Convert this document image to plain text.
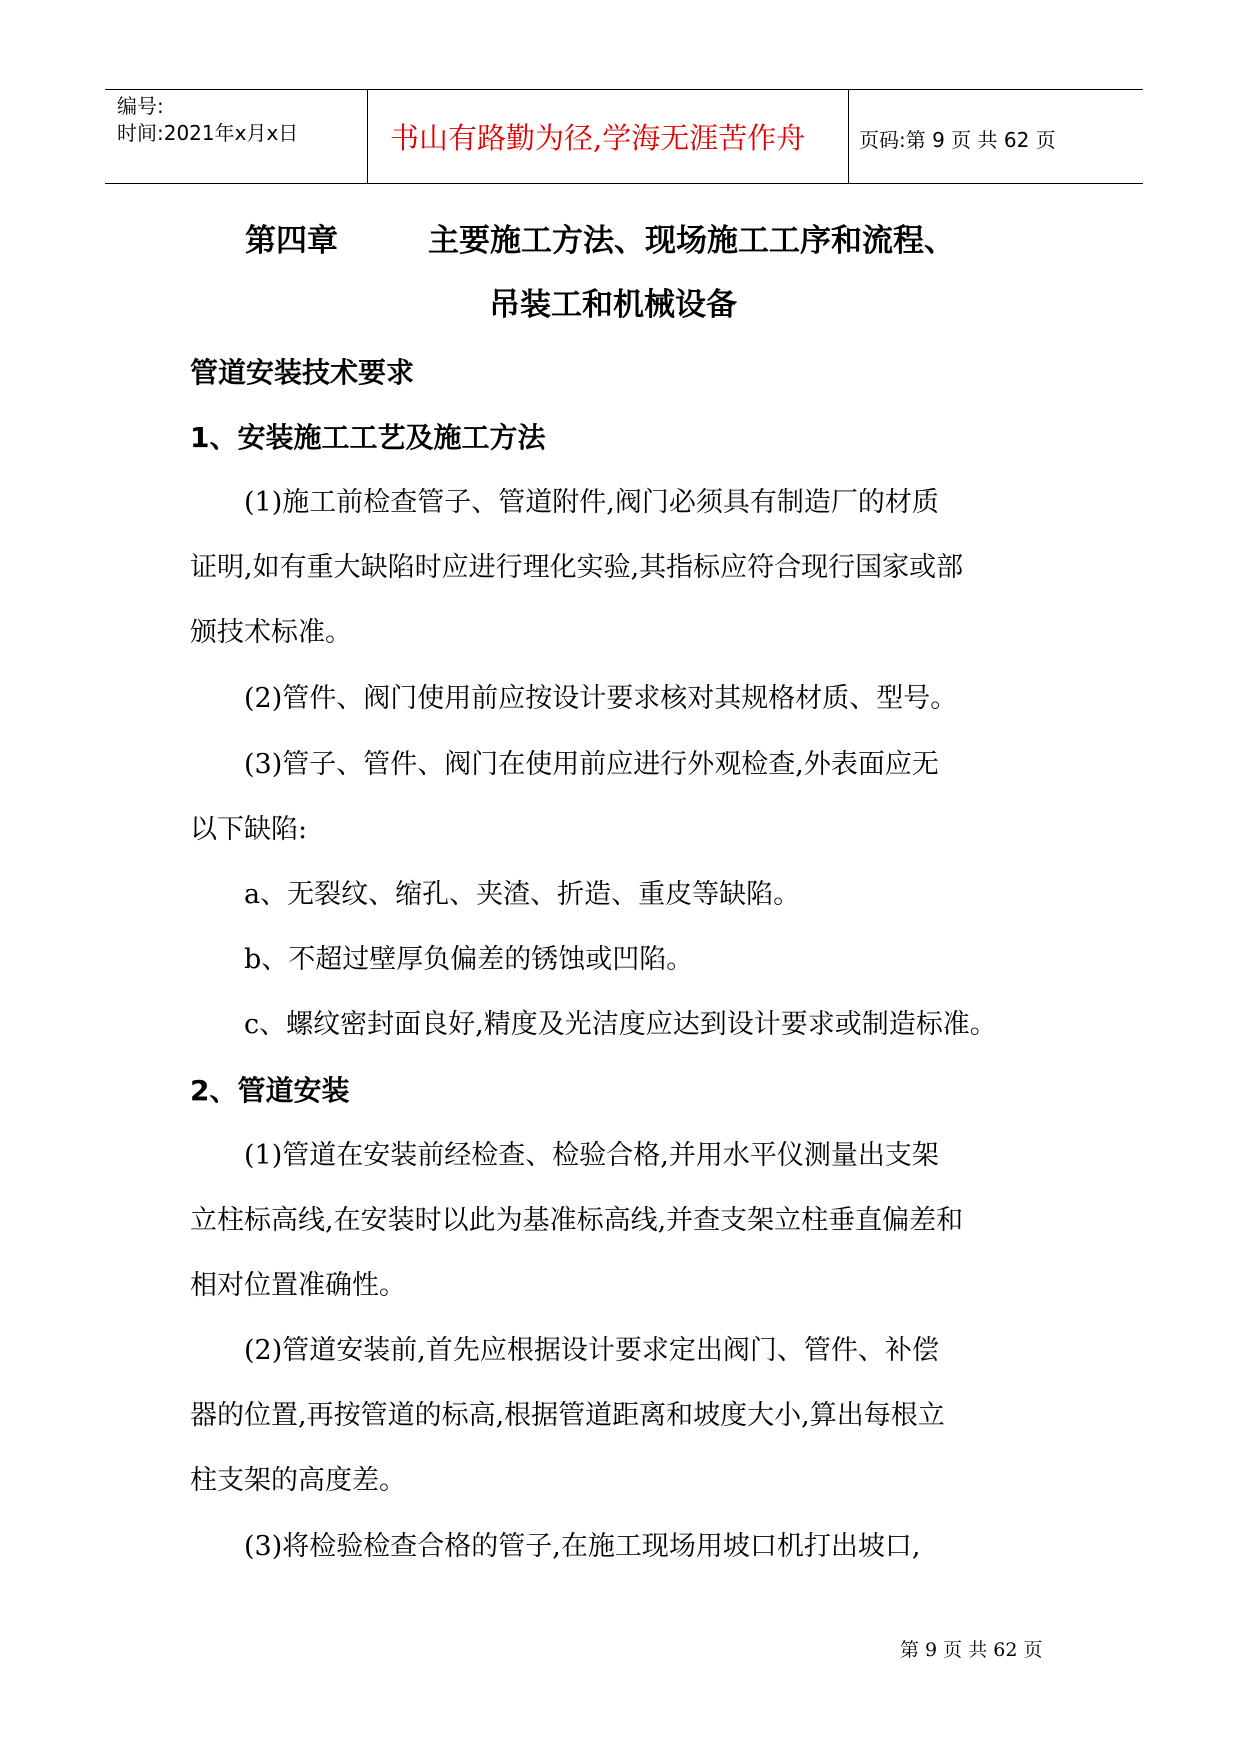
编号:
时间:2021年x月x日	书山有路勤为径,学海无涯苦作舟	页码:第 9 页 共 62 页
第四章	主要施工方法、现场施工工序和流程、
吊装工和机械设备
管道安装技术要求
1、安装施工工艺及施工方法
(1)施工前检查管子、管道附件,阀门必须具有制造厂的材质
证明,如有重大缺陷时应进行理化实验,其指标应符合现行国家或部
颁技术标准。
(2)管件、阀门使用前应按设计要求核对其规格材质、型号。
(3)管子、管件、阀门在使用前应进行外观检查,外表面应无
以下缺陷:
a、无裂纹、缩孔、夹渣、折造、重皮等缺陷。
b、不超过壁厚负偏差的锈蚀或凹陷。
c、螺纹密封面良好,精度及光洁度应达到设计要求或制造标准。
2、管道安装
(1)管道在安装前经检查、检验合格,并用水平仪测量出支架
立柱标高线,在安装时以此为基准标高线,并查支架立柱垂直偏差和
相对位置准确性。
(2)管道安装前,首先应根据设计要求定出阀门、管件、补偿
器的位置,再按管道的标高,根据管道距离和坡度大小,算出每根立
柱支架的高度差。
(3)将检验检查合格的管子,在施工现场用坡口机打出坡口,
第 9 页 共 62 页
